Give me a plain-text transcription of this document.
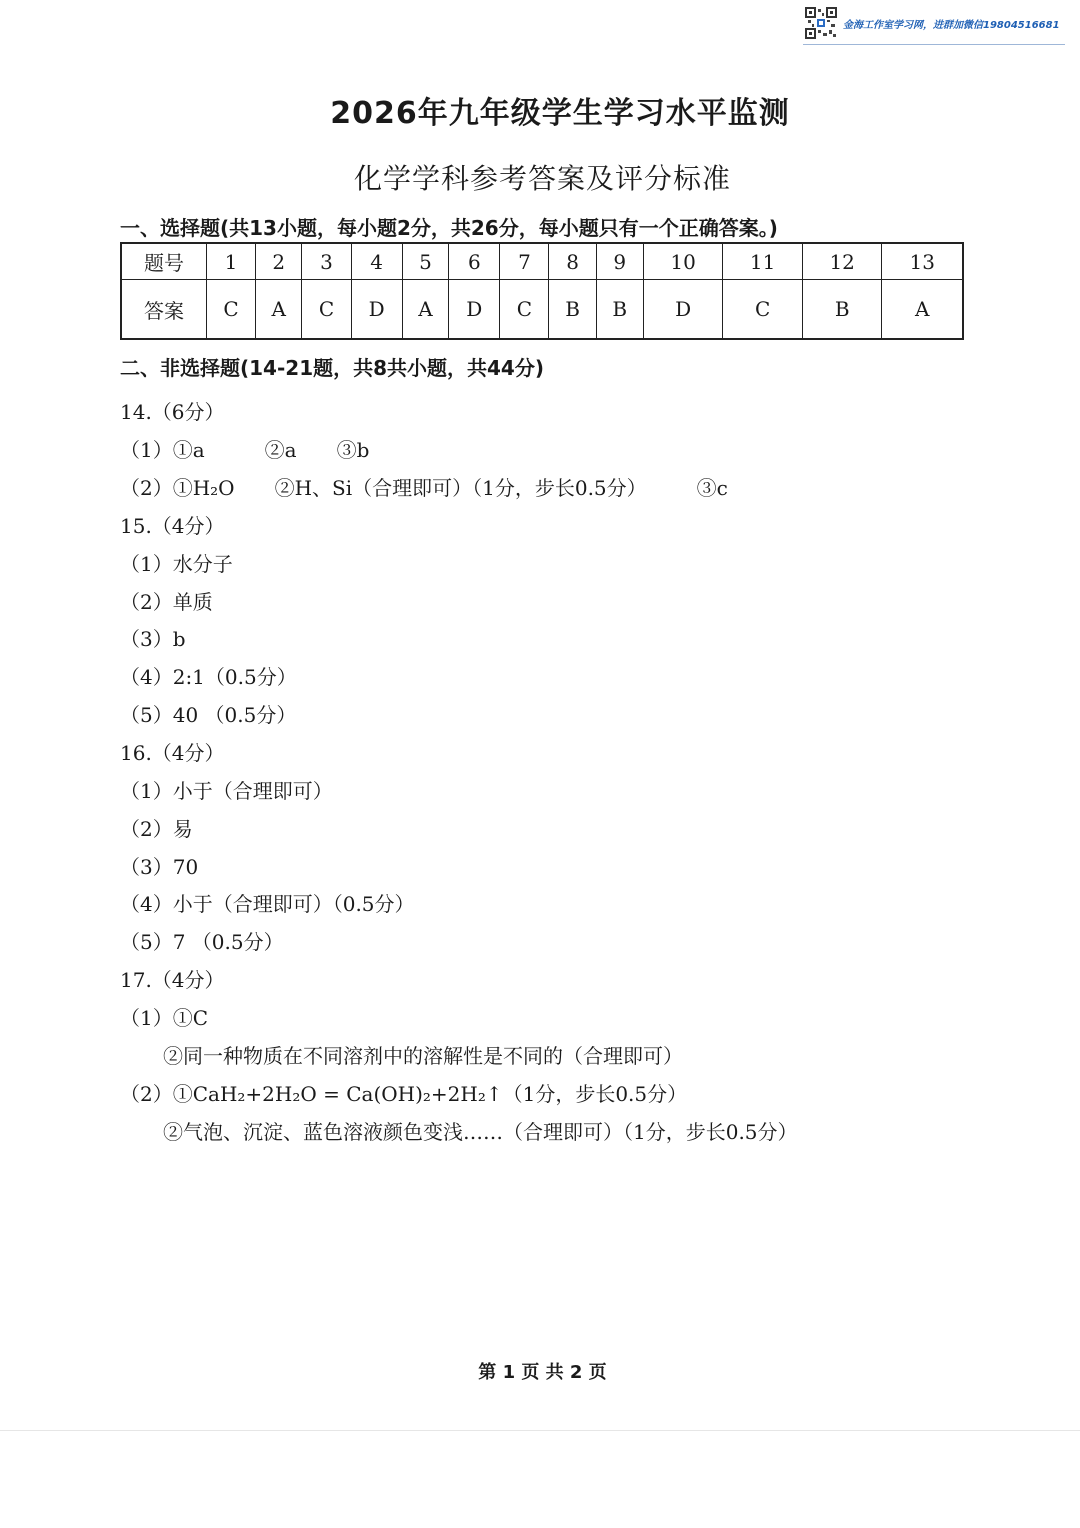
金海工作室学习网，进群加微信19804516681
2026年九年级学生学习水平监测
化学学科参考答案及评分标准
一、选择题(共13小题，每小题2分，共26分，每小题只有一个正确答案。)
题号	1	2	3	4	5	6	7	8	9	10	11	12	13
答案	C	A	C	D	A	D	C	B	B	D	C	B	A
二、非选择题(14-21题，共8共小题，共44分)
14.（6分）
（1）①a　　　②a　　③b
（2）①H₂O　　②H、Si（合理即可）（1分，步长0.5分）　　　③c
15.（4分）
（1）水分子
（2）单质
（3）b
（4）2:1（0.5分）
（5）40 （0.5分）
16.（4分）
（1）小于（合理即可）
（2）易
（3）70
（4）小于（合理即可）（0.5分）
（5）7 （0.5分）
17.（4分）
（1）①C
②同一种物质在不同溶剂中的溶解性是不同的（合理即可）
（2）①CaH₂+2H₂O = Ca(OH)₂+2H₂↑（1分，步长0.5分）
②气泡、沉淀、蓝色溶液颜色变浅……（合理即可）（1分，步长0.5分）
第 1 页 共 2 页
